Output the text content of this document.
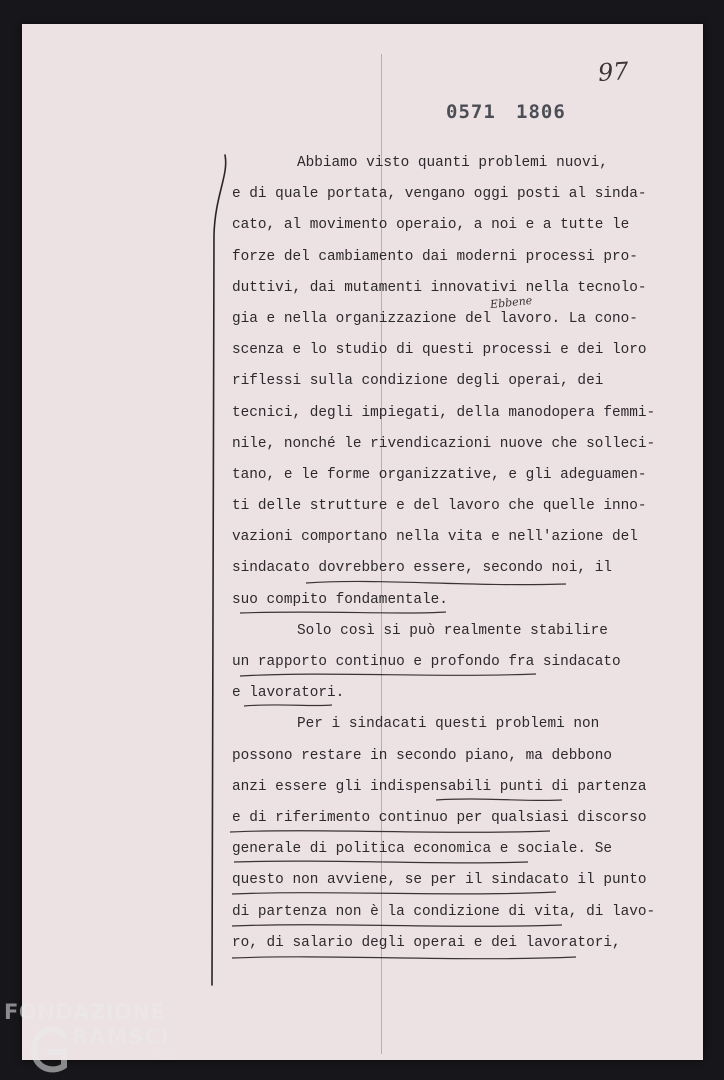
97

0571 1806

Abbiamo visto quanti problemi nuovi,
e di quale portata, vengano oggi posti al sinda-
cato, al movimento operaio, a noi e a tutte le
forze del cambiamento dai moderni processi pro-
duttivi, dai mutamenti innovativi nella tecnolo-
gia e nella organizzazione del lavoro. La cono-
scenza e lo studio di questi processi e dei loro
riflessi sulla condizione degli operai, dei
tecnici, degli impiegati, della manodopera femmi-
nile, nonché le rivendicazioni nuove che solleci-
tano, e le forme organizzative, e gli adeguamen-
ti delle strutture e del lavoro che quelle inno-
vazioni comportano nella vita e nell'azione del
sindacato dovrebbero essere, secondo noi, il
suo compito fondamentale.
Solo così si può realmente stabilire
un rapporto continuo e profondo fra sindacato
e lavoratori.
Per i sindacati questi problemi non
possono restare in secondo piano, ma debbono
anzi essere gli indispensabili punti di partenza
e di riferimento continuo per qualsiasi discorso
generale di politica economica e sociale. Se
questo non avviene, se per il sindacato il punto
di partenza non è la condizione di vita, di lavo-
ro, di salario degli operai e dei lavoratori,

Ebbene

FONDAZIONE

RAMSCI

onlus
